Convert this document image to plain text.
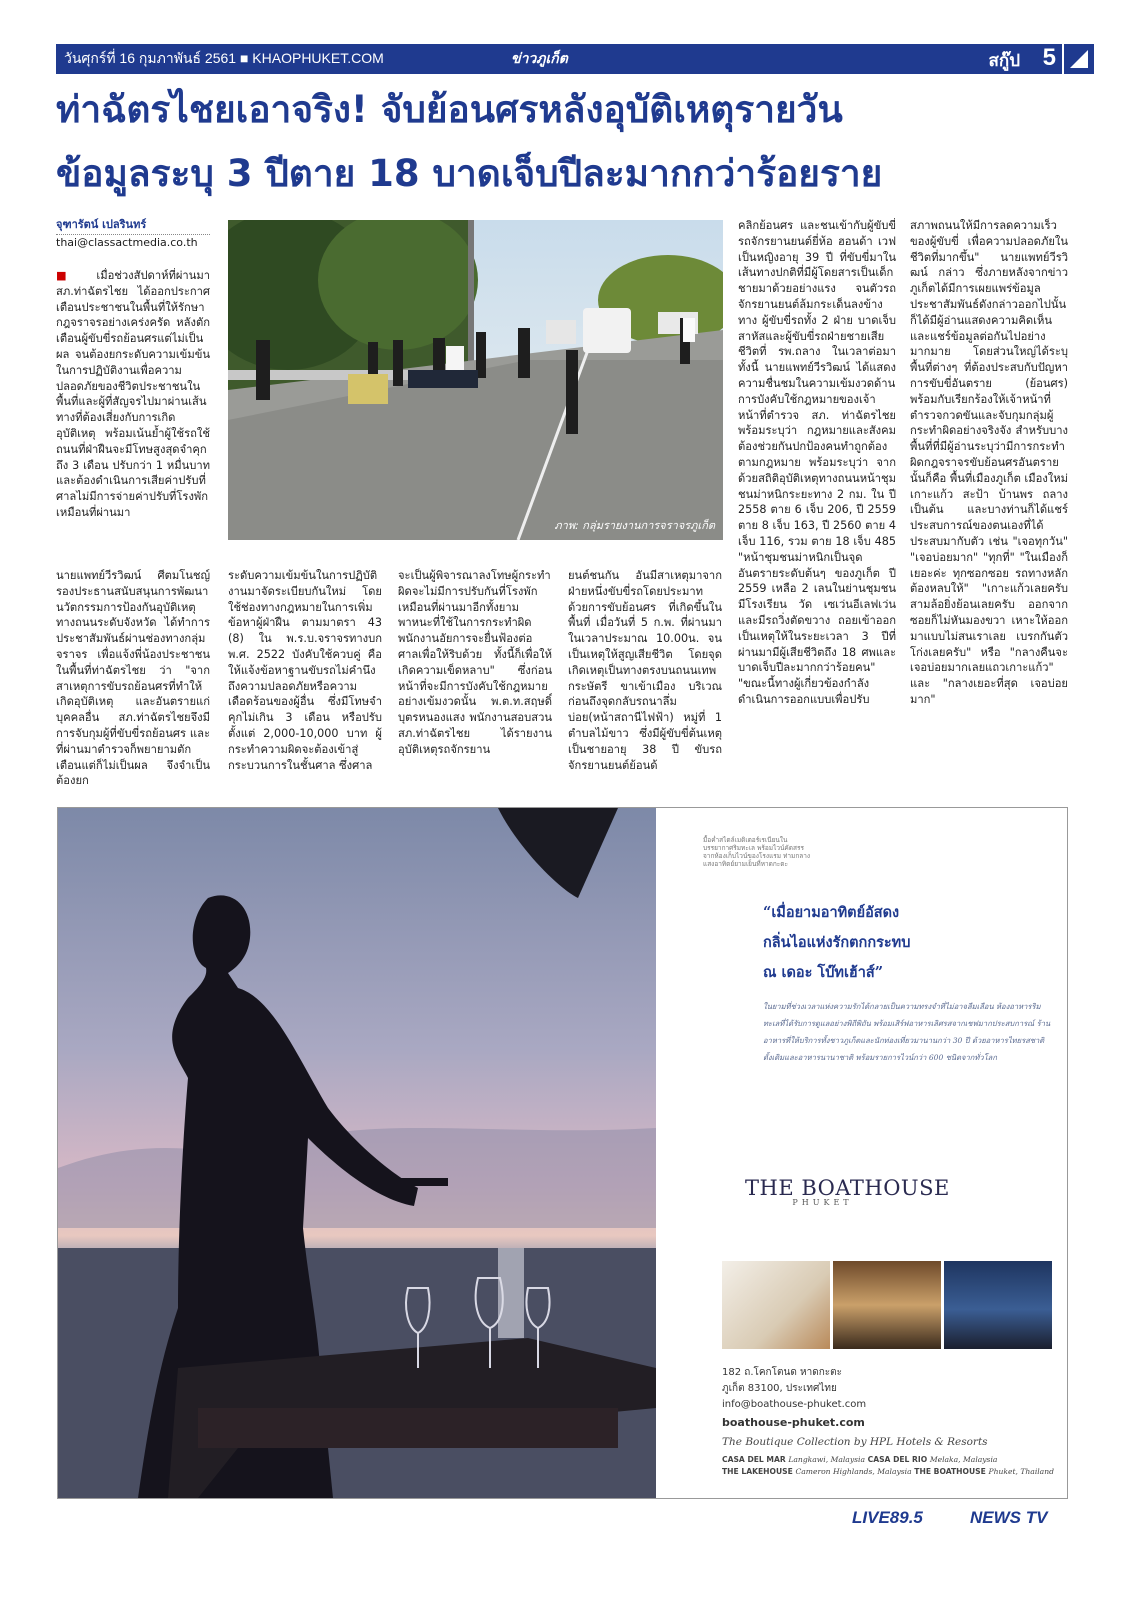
วันศุกร์ที่ 16 กุมภาพันธ์ 2561 ■ KHAOPHUKET.COM	ข่าวภูเก็ต	สกู๊ป 5
ท่าฉัตรไชยเอาจริง! จับย้อนศรหลังอุบัติเหตุรายวัน
ข้อมูลระบุ 3 ปีตาย 18 บาดเจ็บปีละมากกว่าร้อยราย
จุฑารัตน์ เปลรินทร์
thai@classactmedia.co.th

■ เมื่อช่วงสัปดาห์ที่ผ่านมา สภ.ท่าฉัตรไชย ได้ออกประกาศเตือนประชาชนในพื้นที่ให้รักษากฎจราจรอย่างเคร่งครัด หลังตักเตือนผู้ขับขี่รถย้อนศรแต่ไม่เป็นผล จนต้องยกระดับความเข้มข้นในการปฏิบัติงานเพื่อความปลอดภัยของชีวิตประชาชนในพื้นที่และผู้ที่สัญจรไปมาผ่านเส้นทางที่ต้องเสี่ยงกับการเกิดอุบัติเหตุ พร้อมเน้นย้ำผู้ใช้รถใช้ถนนที่ฝ่าฝืนจะมีโทษสูงสุดจำคุกถึง 3 เดือน ปรับกว่า 1 หมื่นบาท และต้องดำเนินการเสียค่าปรับที่ศาลไม่มีการจ่ายค่าปรับที่โรงพักเหมือนที่ผ่านมา

นายแพทย์วีรวิฒน์ ศีตมโนชญ์ รองประธานสนับสนุนการพัฒนานวัตกรรมการป้องกันอุบัติเหตุทางถนนระดับจังหวัด ได้ทำการประชาสัมพันธ์ผ่านช่องทางกลุ่มจราจร เพื่อแจ้งพี่น้องประชาชนในพื้นที่ท่าฉัตรไชย ว่า "จากสาเหตุการขับรถย้อนศรที่ทำให้เกิดอุบัติเหตุ และอันตรายแก่บุคคลอื่น สภ.ท่าฉัตรไชยจึงมีการจับกุมผู้ที่ขับขี่รถย้อนศร และ ที่ผ่านมาตำรวจก็พยายามตักเตือนแต่ก็ไม่เป็นผล จึงจำเป็นต้องยก

ระดับความเข้มข้นในการปฏิบัติงานมาจัดระเบียบกันใหม่ โดยใช้ช่องทางกฎหมายในการเพิ่มข้อหาผู้ฝ่าฝืน ตามมาตรา 43 (8) ใน พ.ร.บ.จราจรทางบก พ.ศ. 2522 บังคับใช้ควบคู่ คือให้แจ้งข้อหาฐานขับรถไม่คำนึงถึงความปลอดภัยหรือความเดือดร้อนของผู้อื่น ซึ่งมีโทษจำคุกไม่เกิน 3 เดือน หรือปรับตั้งแต่ 2,000-10,000 บาท ผู้กระทำความผิดจะต้องเข้าสู่กระบวนการในชั้นศาล ซึ่งศาล

จะเป็นผู้พิจารณาลงโทษผู้กระทำผิดจะไม่มีการปรับกันที่โรงพักเหมือนที่ผ่านมาอีกทั้งยามพาหนะที่ใช้ในการกระทำผิดพนักงานอัยการจะยื่นฟ้องต่อศาลเพื่อให้ริบด้วย ทั้งนี้ก็เพื่อให้เกิดความเข็ดหลาบ" ซึ่งก่อนหน้าที่จะมีการบังคับใช้กฎหมายอย่างเข้มงวดนั้น พ.ต.ท.สฤษดิ์ บุตรหนองแสง พนักงานสอบสวน สภ.ท่าฉัตรไชย ได้รายงานอุบัติเหตุรถจักรยาน

ยนต์ชนกัน อันมีสาเหตุมาจากฝ่ายหนึ่งขับขี่รถโดยประมาทด้วยการขับย้อนศร ที่เกิดขึ้นในพื้นที่ เมื่อวันที่ 5 ก.พ. ที่ผ่านมา ในเวลาประมาณ 10.00น. จนเป็นเหตุให้สูญเสียชีวิต โดยจุดเกิดเหตุเป็นทางตรงบนถนนเทพกระษัตรี ขาเข้าเมือง บริเวณก่อนถึงจุดกลับรถนาลึ่มบ่อย(หน้าสถานีไฟฟ้า) หมู่ที่ 1 ตำบลไม้ขาว ซึ่งมีผู้ขับขี่ต้นเหตุเป็นชายอายุ 38 ปี ขับรถจักรยานยนต์ย้อนด้

คลิกย้อนศร และชนเข้ากับผู้ขับขี่รถจักรยานยนต์ยี่ห้อ ฮอนด้า เวฟ เป็นหญิงอายุ 39 ปี ที่ขับขี่มาในเส้นทางปกติที่มีผู้โดยสารเป็นเด็กชายมาด้วยอย่างแรง จนตัวรถจักรยานยนต์ล้มกระเด็นลงข้างทาง ผู้ขับขี่รถทั้ง 2 ฝ่าย บาดเจ็บสาหัสและผู้ขับขี่รถฝ่ายชายเสียชีวิตที่ รพ.ถลาง ในเวลาต่อมา ทั้งนี้ นายแพทย์วีรวิฒน์ ได้แสดงความชื่นชมในความเข้มงวดด้านการบังคับใช้กฎหมายของเจ้าหน้าที่ตำรวจ สภ. ท่าฉัตรไชย พร้อมระบุว่า กฎหมายและสังคมต้องช่วยกันปกป้องคนทำถูกต้องตามกฎหมาย พร้อมระบุว่า จากด้วยสถิติอุบัติเหตุทางถนนหน้าชุมชนม่าหนิกระยะทาง 2 กม. ใน ปี 2558 ตาย 6 เจ็บ 206, ปี 2559 ตาย 8 เจ็บ 163, ปี 2560 ตาย 4 เจ็บ 116, รวม ตาย 18 เจ็บ 485 "หน้าชุมชนม่าหนิกเป็นจุดอันตรายระดับต้นๆ ของภูเก็ต ปี 2559 เหลือ 2 เลนในย่านชุมชน มีโรงเรียน วัด เซเว่นอีเลฟเว่น และมีรถวิ่งตัดขวาง ถอยเข้าออก เป็นเหตุให้ในระยะเวลา 3 ปีที่ผ่านมามีผู้เสียชีวิตถึง 18 ศพและบาดเจ็บปีละมากกว่าร้อยคน" "ขณะนี้ทางผู้เกี่ยวข้องกำลังดำเนินการออกแบบเพื่อปรับ

สภาพถนนให้มีการลดความเร็วของผู้ขับขี่ เพื่อความปลอดภัยในชีวิตที่มากขึ้น" นายแพทย์วีรวิฒน์ กล่าว ซึ่งภายหลังจากข่าวภูเก็ตได้มีการเผยแพร่ข้อมูลประชาสัมพันธ์ดังกล่าวออกไปนั้น ก็ได้มีผู้อ่านแสดงความคิดเห็นและแชร์ข้อมูลต่อกันไปอย่างมากมาย โดยส่วนใหญ่ได้ระบุพื้นที่ต่างๆ ที่ต้องประสบกับปัญหาการขับขี่อันตราย (ย้อนศร) พร้อมกับเรียกร้องให้เจ้าหน้าที่ตำรวจกวดขันและจับกุมกลุ่มผู้กระทำผิดอย่างจริงจัง สำหรับบางพื้นที่ที่มีผู้อ่านระบุว่ามีการกระทำผิดกฎจราจรขับย้อนศรอันตรายนั้นก็คือ พื้นที่เมืองภูเก็ต เมืองใหม่เกาะแก้ว สะป้า บ้านพร ถลาง เป็นต้น และบางท่านก็ได้แชร์ประสบการณ์ของตนเองที่ได้ประสบมากับตัว เช่น "เจอทุกวัน" "เจอบ่อยมาก" "ทุกที่" "ในเมืองก็เยอะค่ะ ทุกซอกซอย รถทางหลัก ต้องหลบให้" "เกาะแก้วเลยครับ สามล้อยิ่งย้อนเลยครับ ออกจากซอยก็ไม่หันมองขวา เหาะให้ออกมาแบบไม่สนเราเลย เบรกกันตัวโก่งเลยครับ" หรือ "กลางคืนจะเจอบ่อยมากเลยแถวเกาะแก้ว" และ "กลางเยอะที่สุด เจอบ่อยมาก"

ภาพ: กลุ่มรายงานการจราจรภูเก็ต
มื้อค่ำสไตล์เมดิเตอร์เรเนียนในบรรยากาศริมทะเล พร้อมไวน์คัดสรรจากห้องเก็บไวน์ของโรงแรม ท่ามกลางแสงอาทิตย์ยามเย็นที่หาดกะตะ
“เมื่อยามอาทิตย์อัสดง
กลิ่นไอแห่งรักตกกระทบ
ณ เดอะ โบ๊ทเฮ้าส์”
ในยามที่ช่วงเวลาแห่งความรักได้กลายเป็นความทรงจำที่ไม่อาจลืมเลือน ห้องอาหารริมทะเลที่ได้รับการดูแลอย่างพิถีพิถัน พร้อมเสิร์ฟอาหารเลิศรสจากเชฟมากประสบการณ์ ร้านอาหารที่ให้บริการทั้งชาวภูเก็ตและนักท่องเที่ยวมานานกว่า 30 ปี ด้วยอาหารไทยรสชาติดั้งเดิมและอาหารนานาชาติ พร้อมรายการไวน์กว่า 600 ชนิดจากทั่วโลก
THE BOATHOUSE
PHUKET
182 ถ.โคกโตนด หาดกะตะ
ภูเก็ต 83100, ประเทศไทย
info@boathouse-phuket.com
boathouse-phuket.com
The Boutique Collection by HPL Hotels & Resorts
CASA DEL MAR Langkawi, Malaysia CASA DEL RIO Melaka, Malaysia
THE LAKEHOUSE Cameron Highlands, Malaysia THE BOATHOUSE Phuket, Thailand
LIVE89.5	NEWS TV
